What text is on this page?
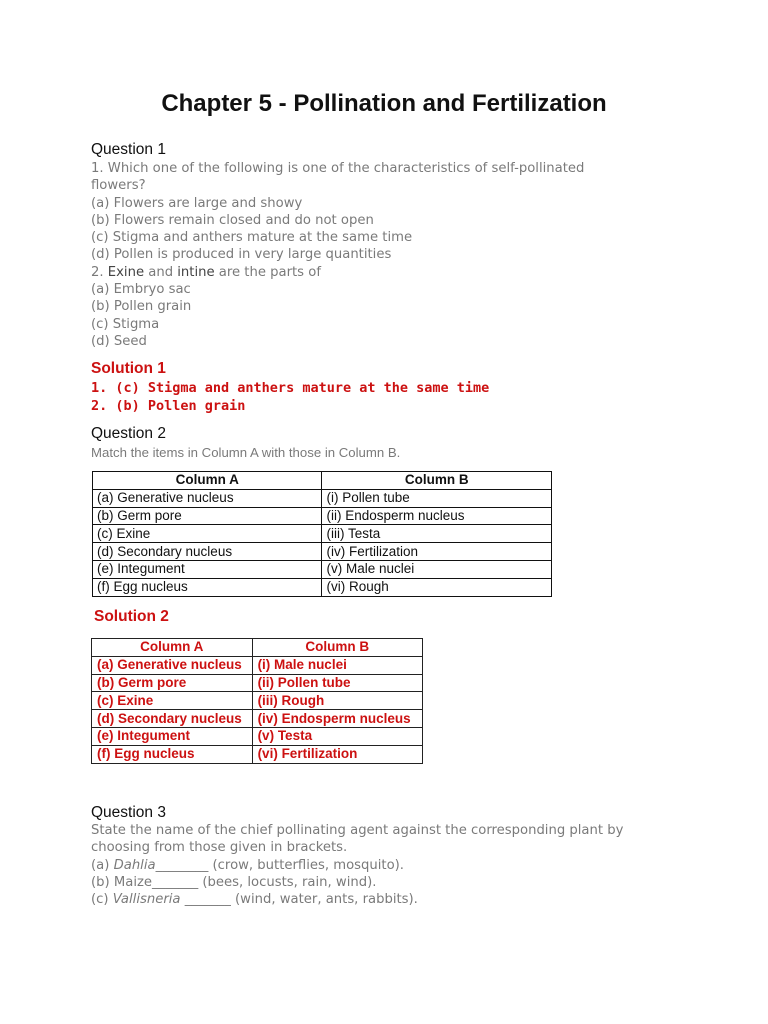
Chapter 5 - Pollination and Fertilization
Question 1
1. Which one of the following is one of the characteristics of self-pollinated
flowers?
(a) Flowers are large and showy
(b) Flowers remain closed and do not open
(c) Stigma and anthers mature at the same time
(d) Pollen is produced in very large quantities
2. Exine and intine are the parts of
(a) Embryo sac
(b) Pollen grain
(c) Stigma
(d) Seed
Solution 1
1. (c) Stigma and anthers mature at the same time
2. (b) Pollen grain
Question 2
Match the items in Column A with those in Column B.
Column A	Column B
(a) Generative nucleus	(i) Pollen tube
(b) Germ pore	(ii) Endosperm nucleus
(c) Exine	(iii) Testa
(d) Secondary nucleus	(iv) Fertilization
(e) Integument	(v) Male nuclei
(f) Egg nucleus	(vi) Rough
Solution 2
Column A	Column B
(a) Generative nucleus	(i) Male nuclei
(b) Germ pore	(ii) Pollen tube
(c) Exine	(iii) Rough
(d) Secondary nucleus	(iv) Endosperm nucleus
(e) Integument	(v) Testa
(f) Egg nucleus	(vi) Fertilization
Question 3
State the name of the chief pollinating agent against the corresponding plant by
choosing from those given in brackets.
(a) Dahlia________ (crow, butterflies, mosquito).
(b) Maize_______ (bees, locusts, rain, wind).
(c) Vallisneria _______ (wind, water, ants, rabbits).
